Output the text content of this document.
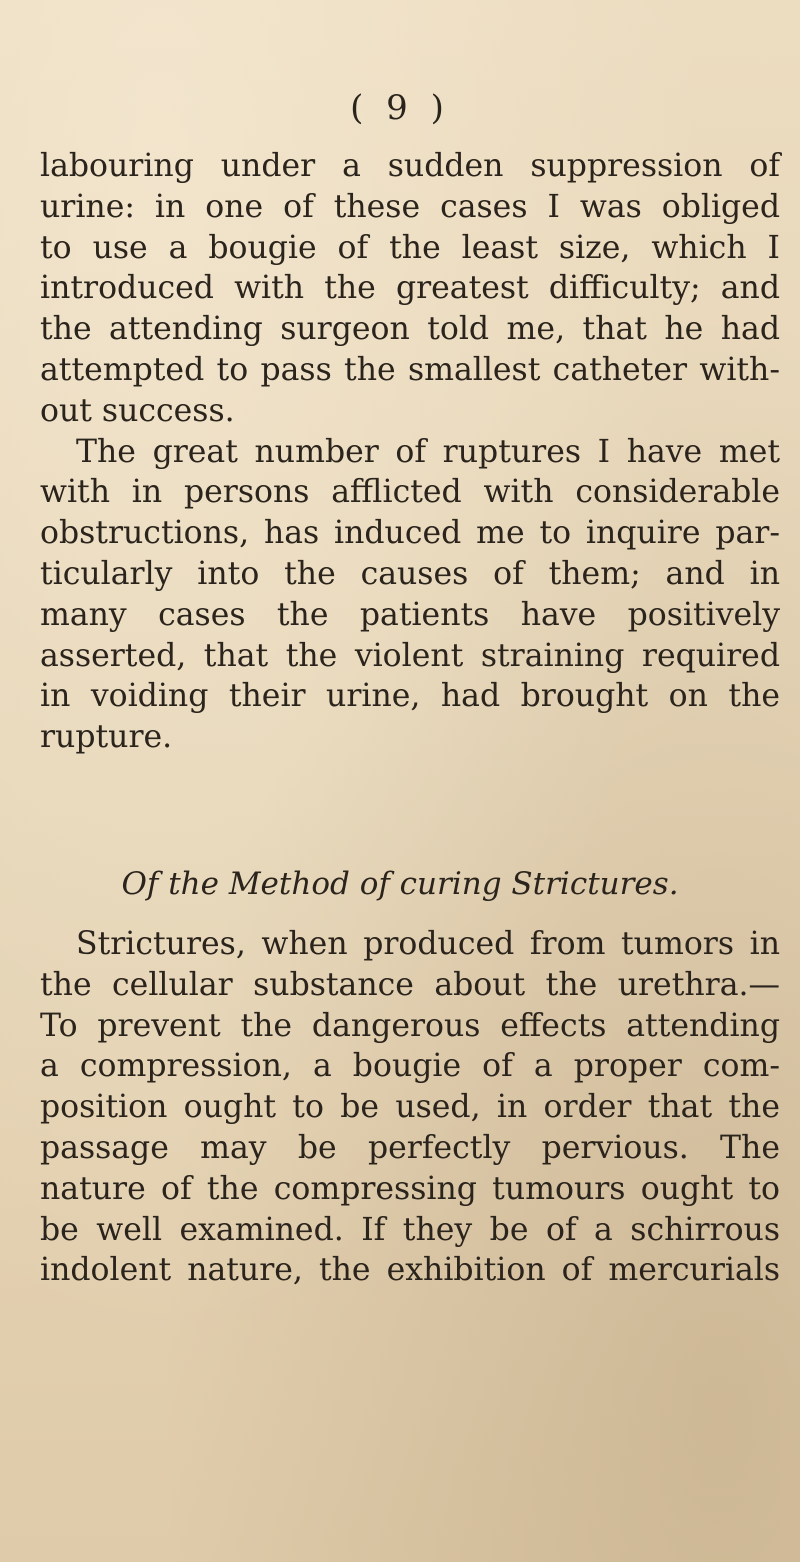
( 9 )
labouring under a sudden suppression of
urine: in one of these cases I was obliged
to use a bougie of the least size, which I
introduced with the greatest difficulty; and
the attending surgeon told me, that he had
attempted to pass the smallest catheter with-
out success.
The great number of ruptures I have met
with in persons afflicted with considerable
obstructions, has induced me to inquire par-
ticularly into the causes of them; and in
many cases the patients have positively
asserted, that the violent straining required
in voiding their urine, had brought on the
rupture.
Of the Method of curing Strictures.
Strictures, when produced from tumors in
the cellular substance about the urethra.—
To prevent the dangerous effects attending
a compression, a bougie of a proper com-
position ought to be used, in order that the
passage may be perfectly pervious. The
nature of the compressing tumours ought to
be well examined. If they be of a schirrous
indolent nature, the exhibition of mercurials
